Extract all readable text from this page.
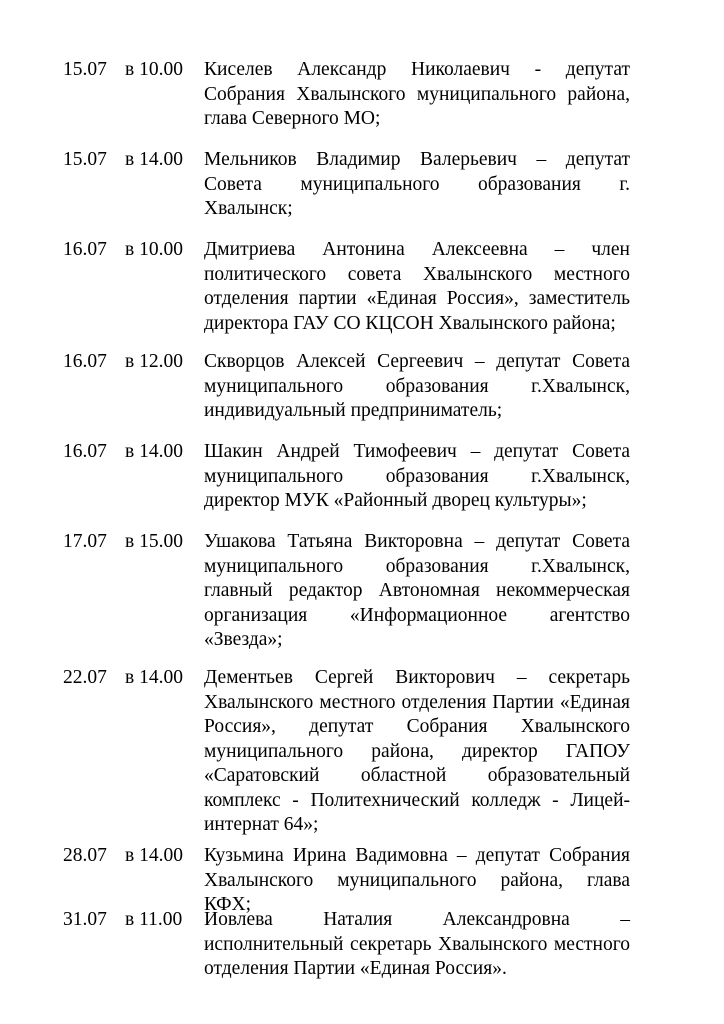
15.07 в 10.00 Киселев Александр Николаевич - депутат
Собрания Хвалынского муниципального района,
глава Северного МО;
15.07 в 14.00 Мельников Владимир Валерьевич – депутат
Совета муниципального образования г.
Хвалынск;
16.07 в 10.00 Дмитриева Антонина Алексеевна – член
политического совета Хвалынского местного
отделения партии «Единая Россия», заместитель
директора ГАУ СО КЦСОН Хвалынского района;
16.07 в 12.00 Скворцов Алексей Сергеевич – депутат Совета
муниципального образования г.Хвалынск,
индивидуальный предприниматель;
16.07 в 14.00 Шакин Андрей Тимофеевич – депутат Совета
муниципального образования г.Хвалынск,
директор МУК «Районный дворец культуры»;
17.07 в 15.00 Ушакова Татьяна Викторовна – депутат Совета
муниципального образования г.Хвалынск,
главный редактор Автономная некоммерческая
организация «Информационное агентство
«Звезда»;
22.07 в 14.00 Дементьев Сергей Викторович – секретарь
Хвалынского местного отделения Партии «Единая
Россия», депутат Собрания Хвалынского
муниципального района, директор ГАПОУ
«Саратовский областной образовательный
комплекс - Политехнический колледж - Лицей-
интернат 64»;
28.07 в 14.00 Кузьмина Ирина Вадимовна – депутат Собрания
Хвалынского муниципального района, глава
КФХ;
31.07 в 11.00 Иовлева Наталия Александровна –
исполнительный секретарь Хвалынского местного
отделения Партии «Единая Россия».
